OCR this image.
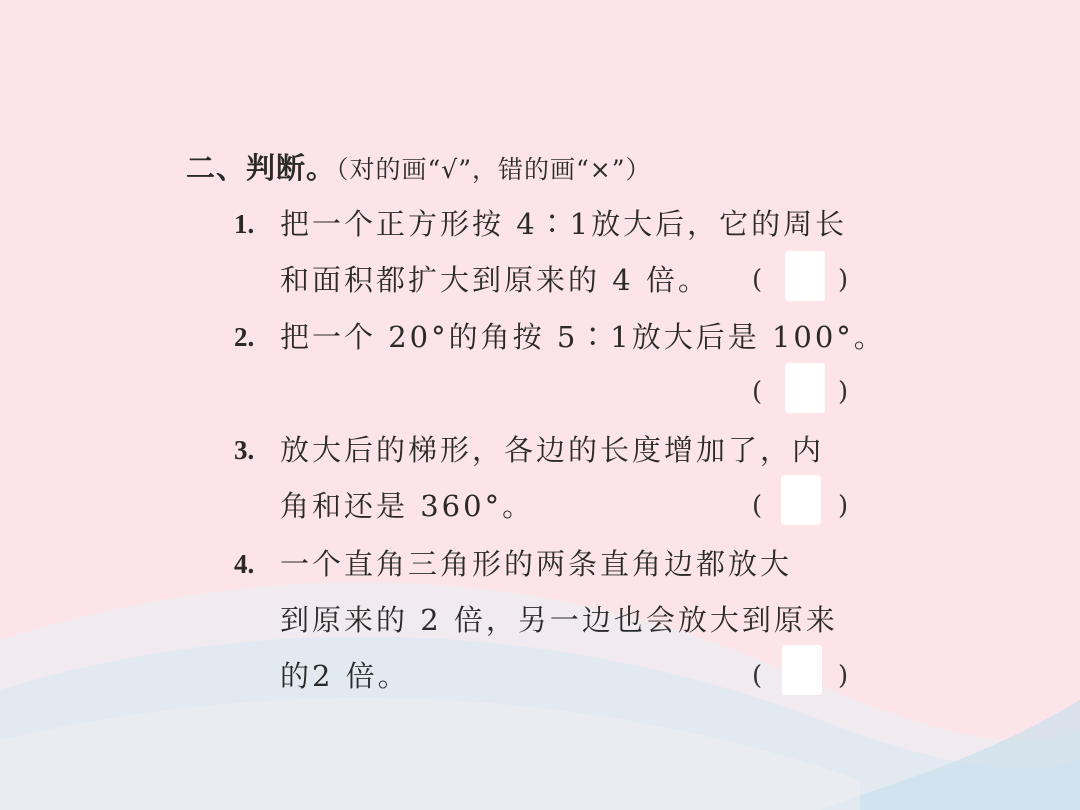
二、判断。（对的画“√”，错的画“×”）
1. 把一个正方形按 4∶1放大后，它的周长
和面积都扩大到原来的 4 倍。 (	)
2. 把一个 20°的角按 5∶1放大后是 100°。
(	)
3. 放大后的梯形，各边的长度增加了，内
角和还是 360°。	(	)
4. 一个直角三角形的两条直角边都放大
到原来的 2 倍，另一边也会放大到原来
的2 倍。	(	)
